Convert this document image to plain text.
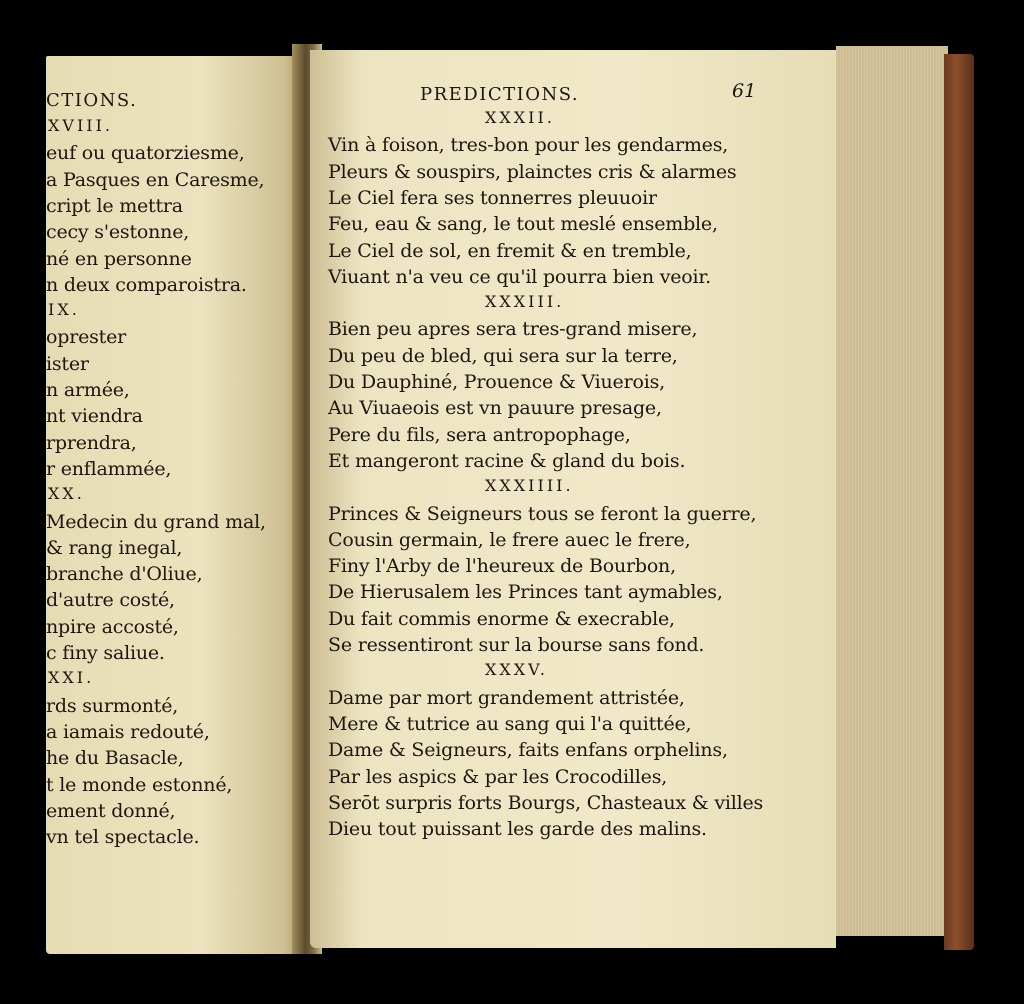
CTIONS.
XVIII.
euf ou quatorziesme,
a Pasques en Caresme,
cript le mettra
cecy s'estonne,
né en personne
n deux comparoistra.
IX.
oprester
ister
n armée,
nt viendra
rprendra,
r enflammée,
XX.
Medecin du grand mal,
& rang inegal,
branche d'Oliue,
d'autre costé,
npire accosté,
c finy saliue.
XXI.
rds surmonté,
a iamais redouté,
he du Basacle,
t le monde estonné,
ement donné,
vn tel spectacle.
PREDICTIONS.	61
XXXII.
Vin à foison, tres-bon pour les gendarmes,
Pleurs & souspirs, plainctes cris & alarmes
Le Ciel fera ses tonnerres pleuuoir
Feu, eau & sang, le tout meslé ensemble,
Le Ciel de sol, en fremit & en tremble,
Viuant n'a veu ce qu'il pourra bien veoir.
XXXIII.
Bien peu apres sera tres-grand misere,
Du peu de bled, qui sera sur la terre,
Du Dauphiné, Prouence & Viuerois,
Au Viuaeois est vn pauure presage,
Pere du fils, sera antropophage,
Et mangeront racine & gland du bois.
XXXIIII.
Princes & Seigneurs tous se feront la guerre,
Cousin germain, le frere auec le frere,
Finy l'Arby de l'heureux de Bourbon,
De Hierusalem les Princes tant aymables,
Du fait commis enorme & execrable,
Se ressentiront sur la bourse sans fond.
XXXV.
Dame par mort grandement attristée,
Mere & tutrice au sang qui l'a quittée,
Dame & Seigneurs, faits enfans orphelins,
Par les aspics & par les Crocodilles,
Serōt surpris forts Bourgs, Chasteaux & villes
Dieu tout puissant les garde des malins.
